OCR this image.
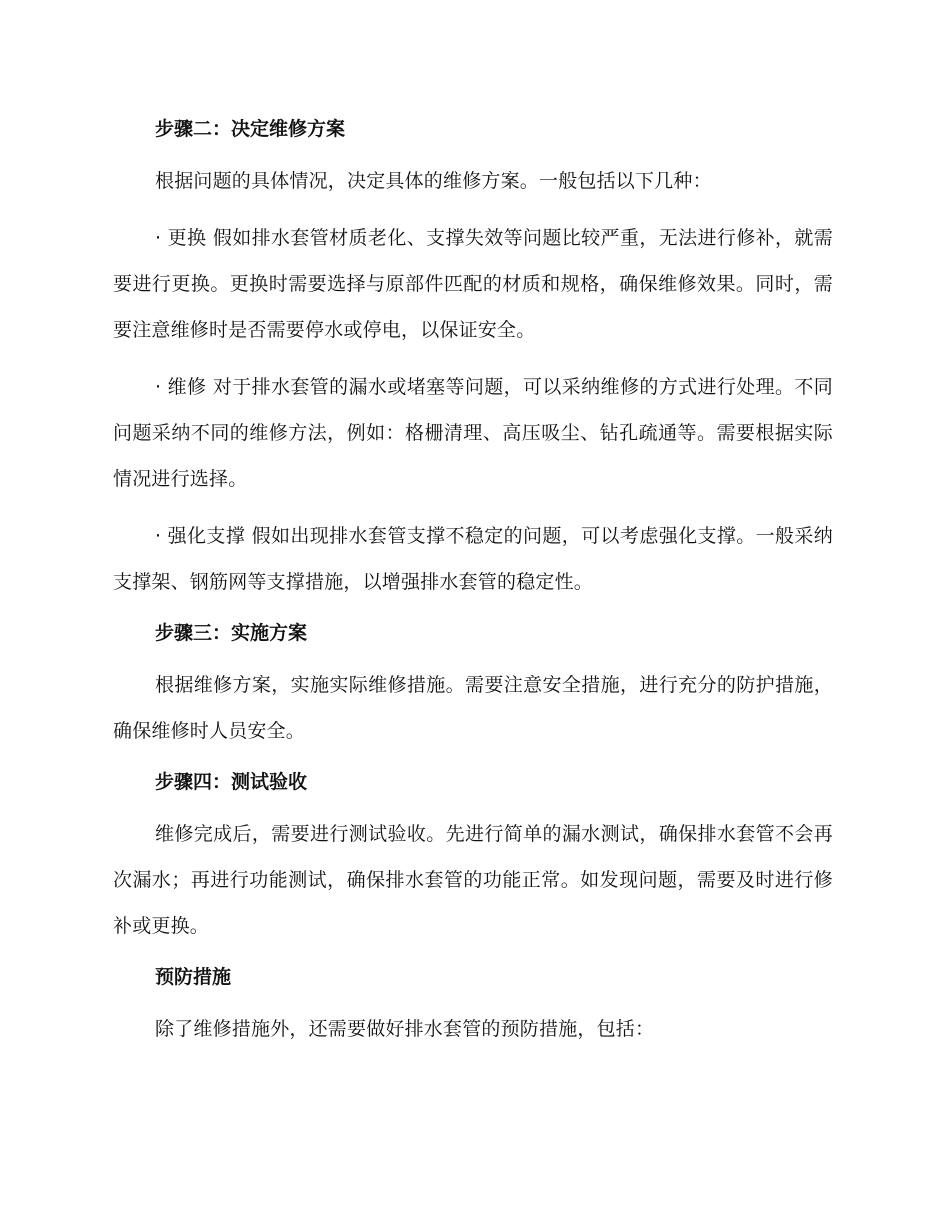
步骤二：决定维修方案

根据问题的具体情况，决定具体的维修方案。一般包括以下几种：

· 更换 假如排水套管材质老化、支撑失效等问题比较严重，无法进行修补，就需要进行更换。更换时需要选择与原部件匹配的材质和规格，确保维修效果。同时，需要注意维修时是否需要停水或停电，以保证安全。

· 维修 对于排水套管的漏水或堵塞等问题，可以采纳维修的方式进行处理。不同问题采纳不同的维修方法，例如：格栅清理、高压吸尘、钻孔疏通等。需要根据实际情况进行选择。

· 强化支撑 假如出现排水套管支撑不稳定的问题，可以考虑强化支撑。一般采纳支撑架、钢筋网等支撑措施，以增强排水套管的稳定性。

步骤三：实施方案

根据维修方案，实施实际维修措施。需要注意安全措施，进行充分的防护措施，确保维修时人员安全。

步骤四：测试验收

维修完成后，需要进行测试验收。先进行简单的漏水测试，确保排水套管不会再次漏水；再进行功能测试，确保排水套管的功能正常。如发现问题，需要及时进行修补或更换。

预防措施

除了维修措施外，还需要做好排水套管的预防措施，包括：
